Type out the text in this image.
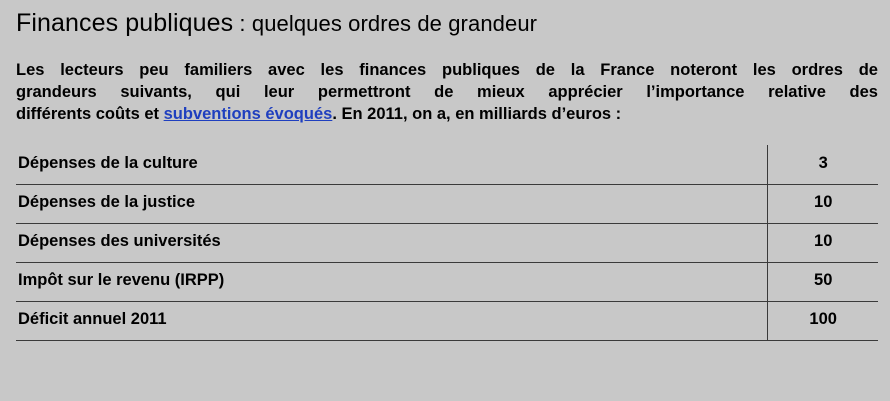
Finances publiques : quelques ordres de grandeur
Les lecteurs peu familiers avec les finances publiques de la France noteront les ordres de
grandeurs suivants, qui leur permettront de mieux apprécier l’importance relative des
différents coûts et subventions évoqués. En 2011, on a, en milliards d’euros :
Dépenses de la culture	3
Dépenses de la justice	10
Dépenses des universités	10
Impôt sur le revenu (IRPP)	50
Déficit annuel 2011	100
